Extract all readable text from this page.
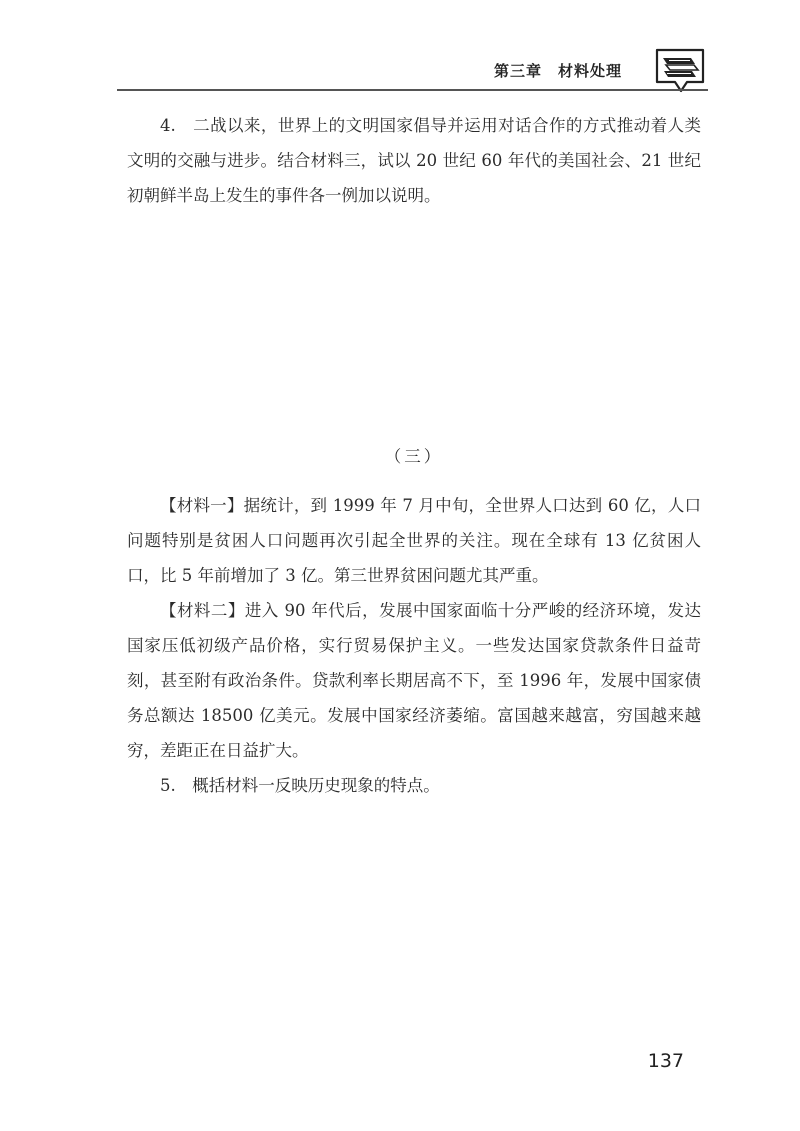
第三章　材料处理

4.　二战以来，世界上的文明国家倡导并运用对话合作的方式推动着人类文明的交融与进步。结合材料三，试以 20 世纪 60 年代的美国社会、21 世纪初朝鲜半岛上发生的事件各一例加以说明。

（三）

【材料一】据统计，到 1999 年 7 月中旬，全世界人口达到 60 亿，人口问题特别是贫困人口问题再次引起全世界的关注。现在全球有 13 亿贫困人口，比 5 年前增加了 3 亿。第三世界贫困问题尤其严重。

【材料二】进入 90 年代后，发展中国家面临十分严峻的经济环境，发达国家压低初级产品价格，实行贸易保护主义。一些发达国家贷款条件日益苛刻，甚至附有政治条件。贷款利率长期居高不下，至 1996 年，发展中国家债务总额达 18500 亿美元。发展中国家经济萎缩。富国越来越富，穷国越来越穷，差距正在日益扩大。

5.　概括材料一反映历史现象的特点。

137
